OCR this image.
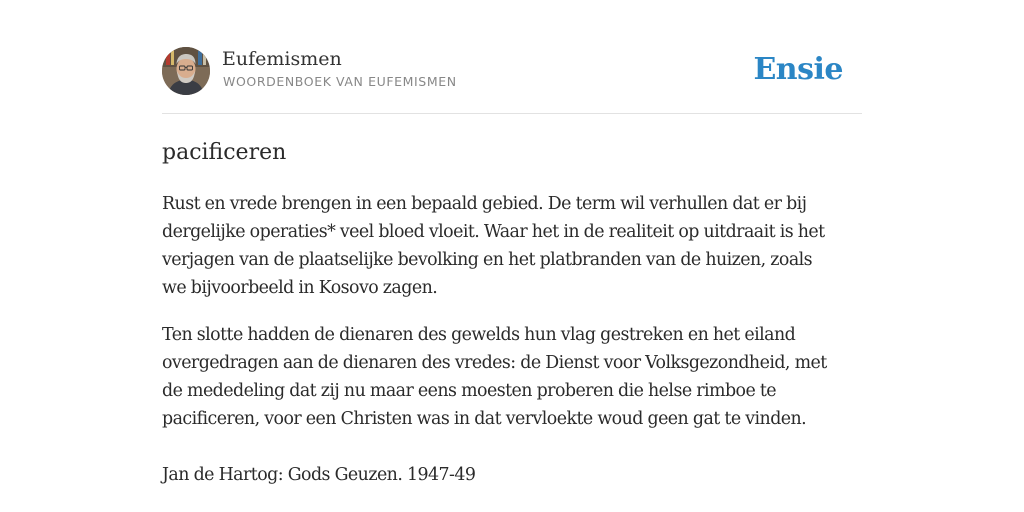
Eufemismen
WOORDENBOEK VAN EUFEMISMEN	Ensie
pacificeren
Rust en vrede brengen in een bepaald gebied. De term wil verhullen dat er bij
dergelijke operaties* veel bloed vloeit. Waar het in de realiteit op uitdraait is het
verjagen van de plaatselijke bevolking en het platbranden van de huizen, zoals
we bijvoorbeeld in Kosovo zagen.
Ten slotte hadden de dienaren des gewelds hun vlag gestreken en het eiland
overgedragen aan de dienaren des vredes: de Dienst voor Volksgezondheid, met
de mededeling dat zij nu maar eens moesten proberen die helse rimboe te
pacificeren, voor een Christen was in dat vervloekte woud geen gat te vinden.
Jan de Hartog: Gods Geuzen. 1947-49
